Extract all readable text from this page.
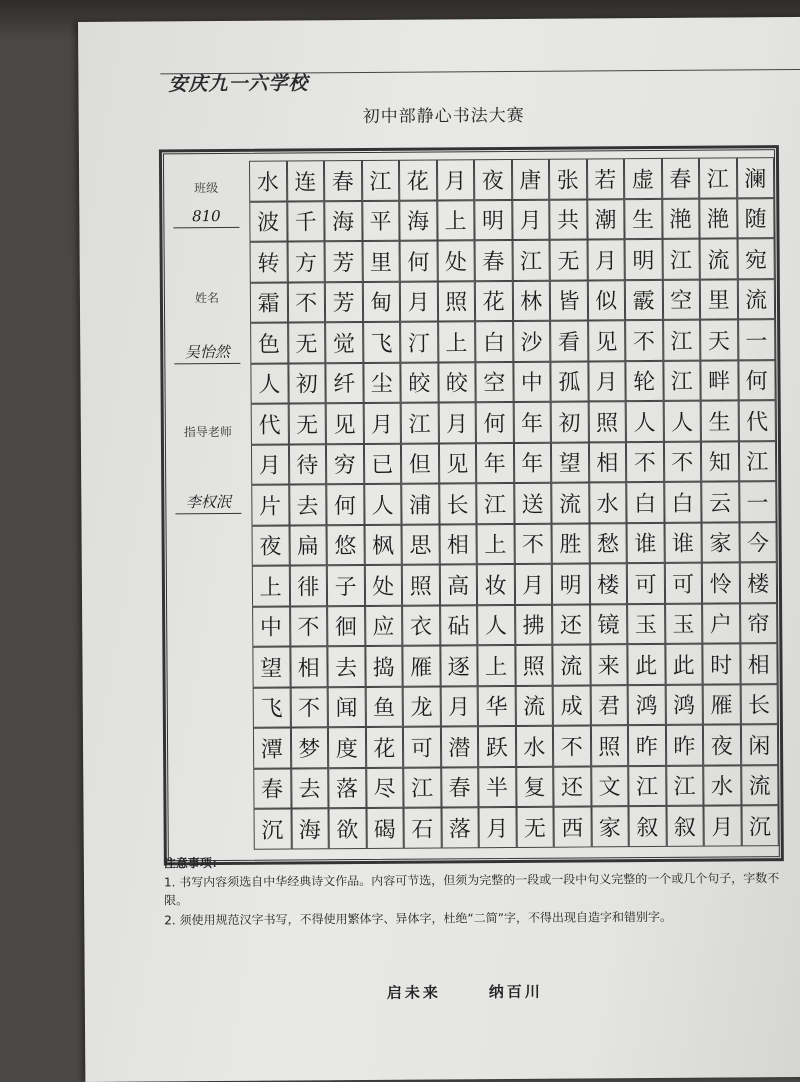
安庆九一六学校
初中部静心书法大赛
班级
810
姓名
吴怡然
指导老师
李权泯
澜
随
宛
流
一
何
代
江
一
今
楼
帘
相
长
闲
流
沉
江
滟
流
里
天
畔
生
知
云
家
怜
户
时
雁
夜
水
月
春
滟
江
空
江
江
人
不
白
谁
可
玉
此
鸿
昨
江
叙
虚
生
明
霰
不
轮
人
不
白
谁
可
玉
此
鸿
昨
江
叙
若
潮
月
似
见
月
照
相
水
愁
楼
镜
来
君
照
文
家
张
共
无
皆
看
孤
初
望
流
胜
明
还
流
成
不
还
西
唐
月
江
林
沙
中
年
年
送
不
月
拂
照
流
水
复
无
夜
明
春
花
白
空
何
年
江
上
妆
人
上
华
跃
半
月
月
上
处
照
上
皎
月
见
长
相
高
砧
逐
月
潜
春
落
花
海
何
月
汀
皎
江
但
浦
思
照
衣
雁
龙
可
江
石
江
平
里
甸
飞
尘
月
已
人
枫
处
应
捣
鱼
花
尽
碣
春
海
芳
芳
觉
纤
见
穷
何
悠
子
徊
去
闻
度
落
欲
连
千
方
不
无
初
无
待
去
扁
徘
不
相
不
梦
去
海
水
波
转
霜
色
人
代
月
片
夜
上
中
望
飞
潭
春
沉
注意事项：
1. 书写内容须选自中华经典诗文作品。内容可节选，但须为完整的一段或一段中句义完整的一个或几个句子，字数不限。
2. 须使用规范汉字书写，不得使用繁体字、异体字，杜绝“二简”字，不得出现自造字和错别字。
启未来	纳百川
